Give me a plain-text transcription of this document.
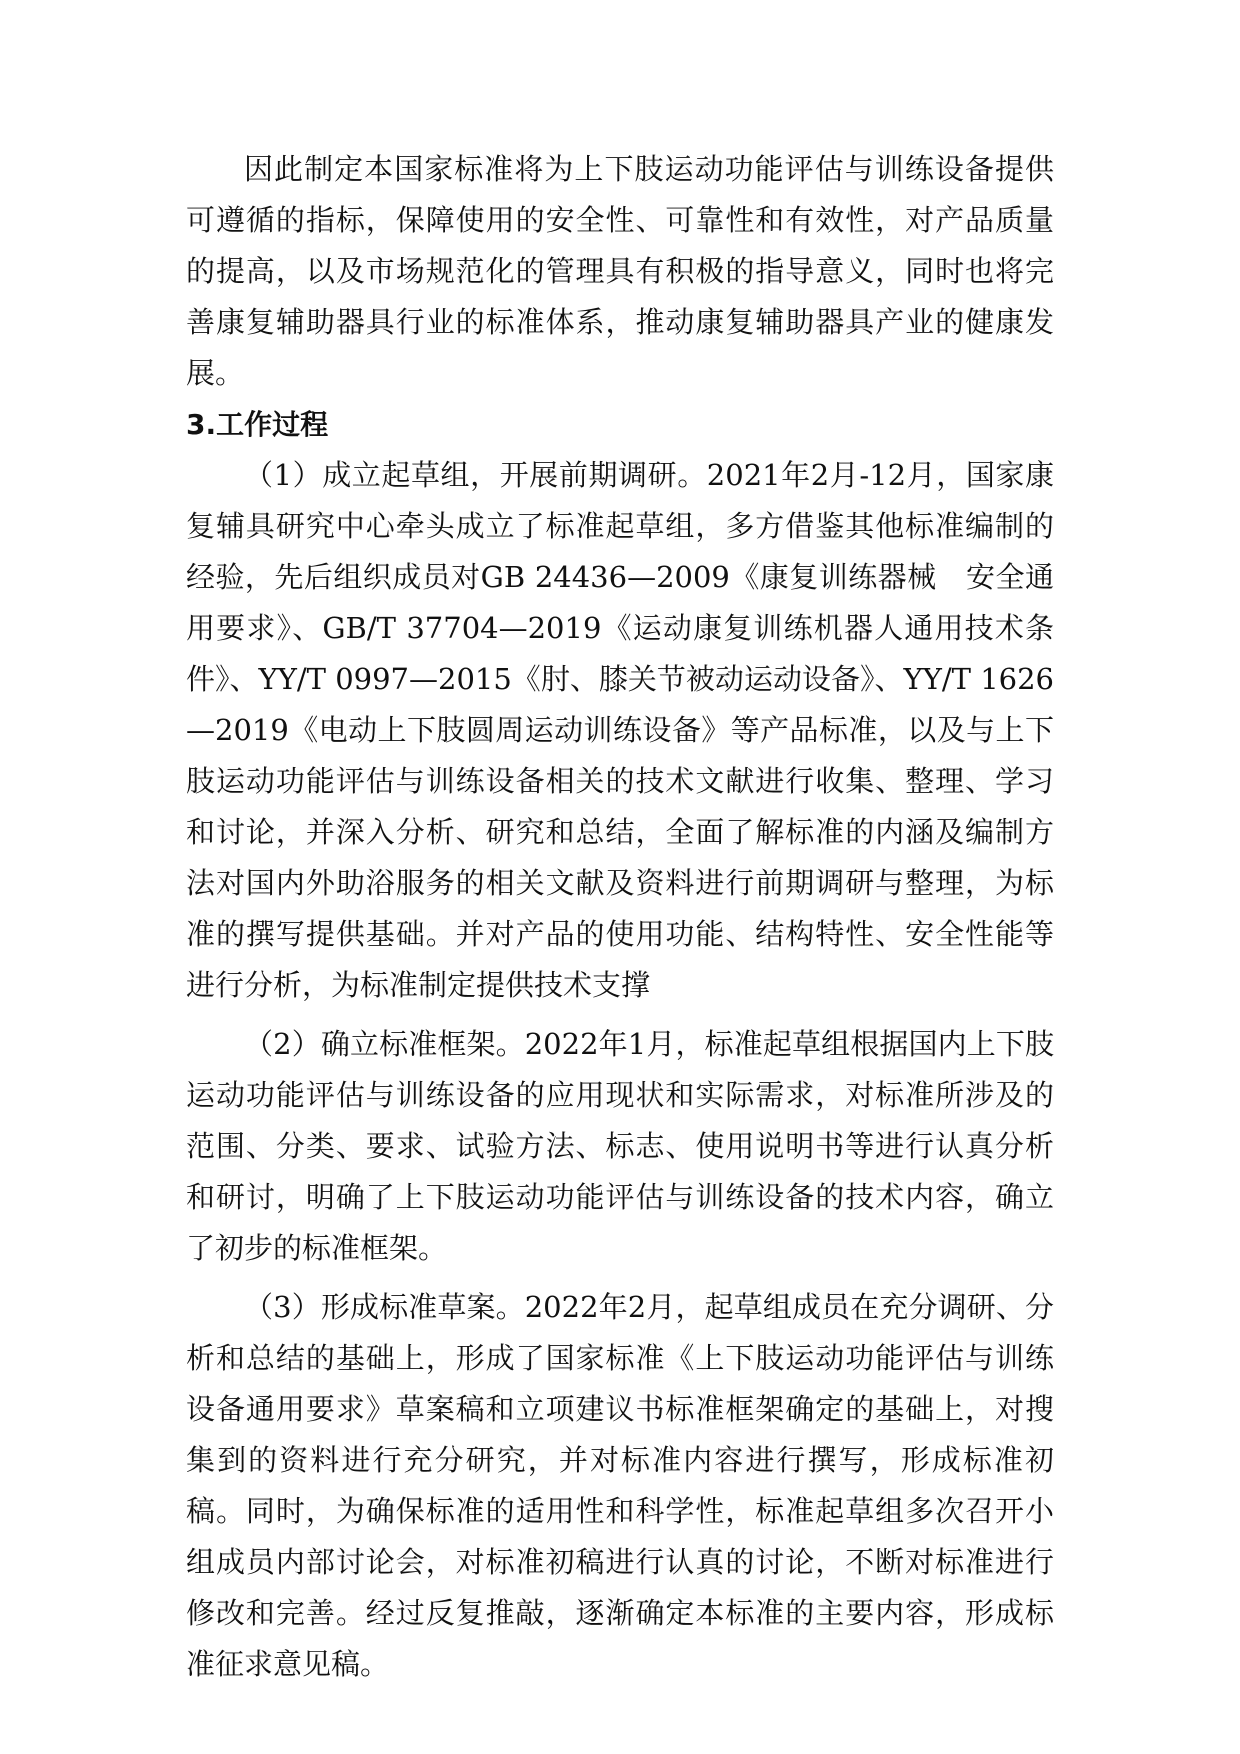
因此制定本国家标准将为上下肢运动功能评估与训练设备提供可遵循的指标，保障使用的安全性、可靠性和有效性，对产品质量的提高，以及市场规范化的管理具有积极的指导意义，同时也将完善康复辅助器具行业的标准体系，推动康复辅助器具产业的健康发展。

3.工作过程

（1）成立起草组，开展前期调研。2021年2月-12月，国家康复辅具研究中心牵头成立了标准起草组，多方借鉴其他标准编制的经验，先后组织成员对GB 24436—2009《康复训练器械　安全通用要求》、GB/T 37704—2019《运动康复训练机器人通用技术条件》、YY/T 0997—2015《肘、膝关节被动运动设备》、YY/T 1626—2019《电动上下肢圆周运动训练设备》等产品标准，以及与上下肢运动功能评估与训练设备相关的技术文献进行收集、整理、学习和讨论，并深入分析、研究和总结，全面了解标准的内涵及编制方法对国内外助浴服务的相关文献及资料进行前期调研与整理，为标准的撰写提供基础。并对产品的使用功能、结构特性、安全性能等进行分析，为标准制定提供技术支撑

（2）确立标准框架。2022年1月，标准起草组根据国内上下肢运动功能评估与训练设备的应用现状和实际需求，对标准所涉及的范围、分类、要求、试验方法、标志、使用说明书等进行认真分析和研讨，明确了上下肢运动功能评估与训练设备的技术内容，确立了初步的标准框架。

（3）形成标准草案。2022年2月，起草组成员在充分调研、分析和总结的基础上，形成了国家标准《上下肢运动功能评估与训练设备通用要求》草案稿和立项建议书标准框架确定的基础上，对搜集到的资料进行充分研究，并对标准内容进行撰写，形成标准初稿。同时，为确保标准的适用性和科学性，标准起草组多次召开小组成员内部讨论会，对标准初稿进行认真的讨论，不断对标准进行修改和完善。经过反复推敲，逐渐确定本标准的主要内容，形成标准征求意见稿。
